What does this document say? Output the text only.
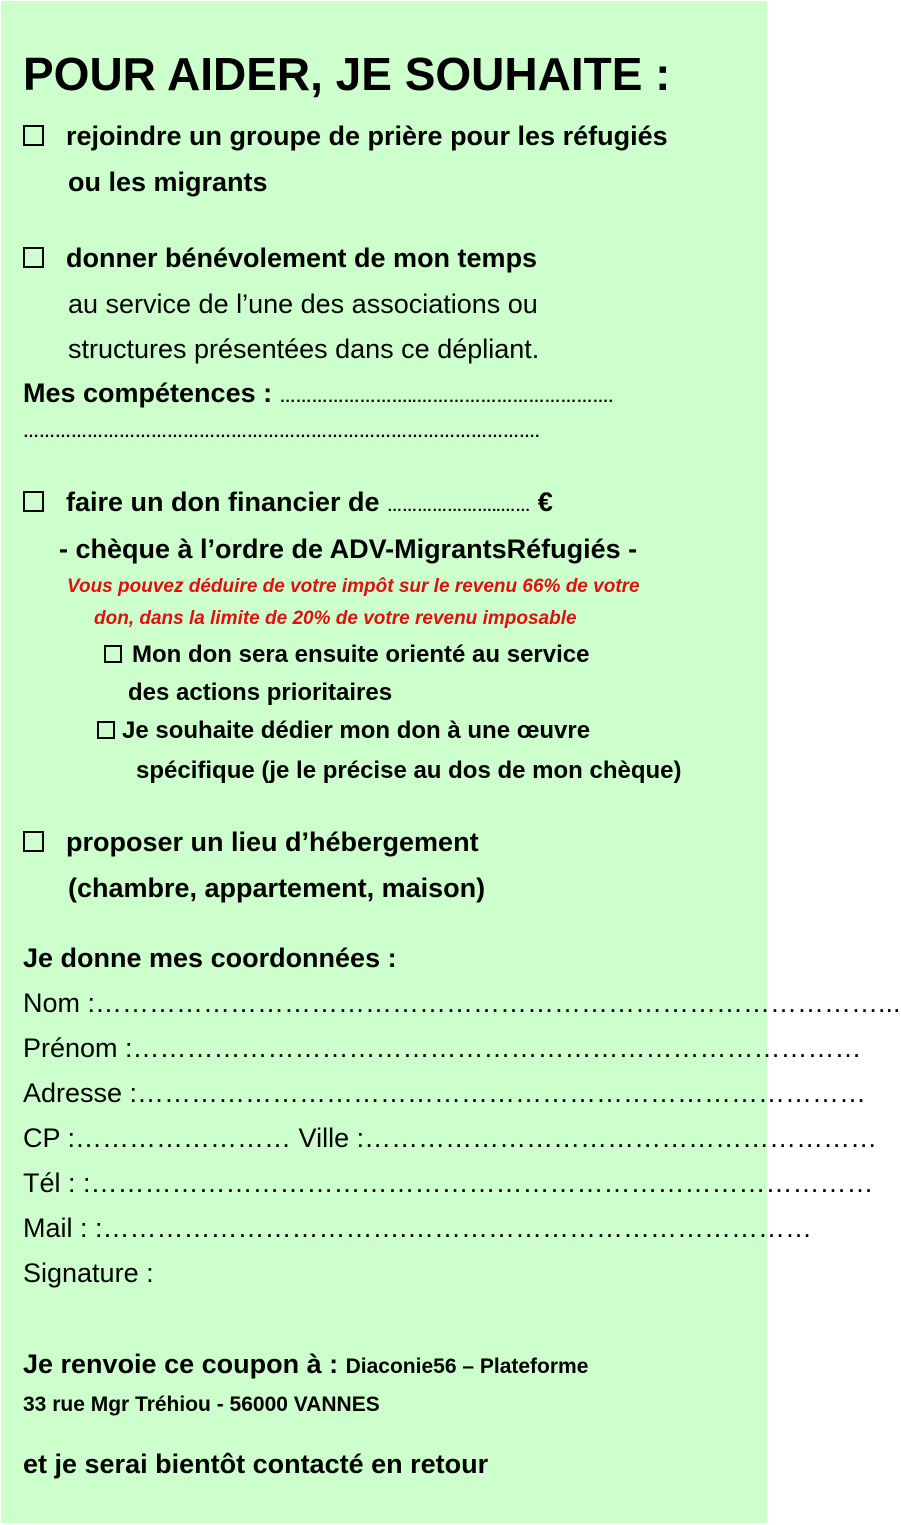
POUR AIDER, JE SOUHAITE :
rejoindre un groupe de prière pour les réfugiés
ou les migrants
donner bénévolement de mon temps
au service de l’une des associations ou
structures présentées dans ce dépliant.
Mes compétences : ……………………..……………………………….
…………………………………………………………………………………….
faire un don financier de …………………..…… €
- chèque à l’ordre de ADV-MigrantsRéfugiés -
Vous pouvez déduire de votre impôt sur le revenu 66% de votre
don, dans la limite de 20% de votre revenu imposable
Mon don sera ensuite orienté au service
des actions prioritaires
Je souhaite dédier mon don à une œuvre
spécifique (je le précise au dos de mon chèque)
proposer un lieu d’hébergement
(chambre, appartement, maison)
Je donne mes coordonnées :
Nom :……………………………………………………………………………...
Prénom :………………………………………………………………………
Adresse :………………………………………………………………………
CP :…………………… Ville :…………………………………………………
Tél : :……………………………………………………………………………
Mail : :…………………………….………………………………………
Signature :
Je renvoie ce coupon à : Diaconie56 – Plateforme
33 rue Mgr Tréhiou - 56000 VANNES
et je serai bientôt contacté en retour
